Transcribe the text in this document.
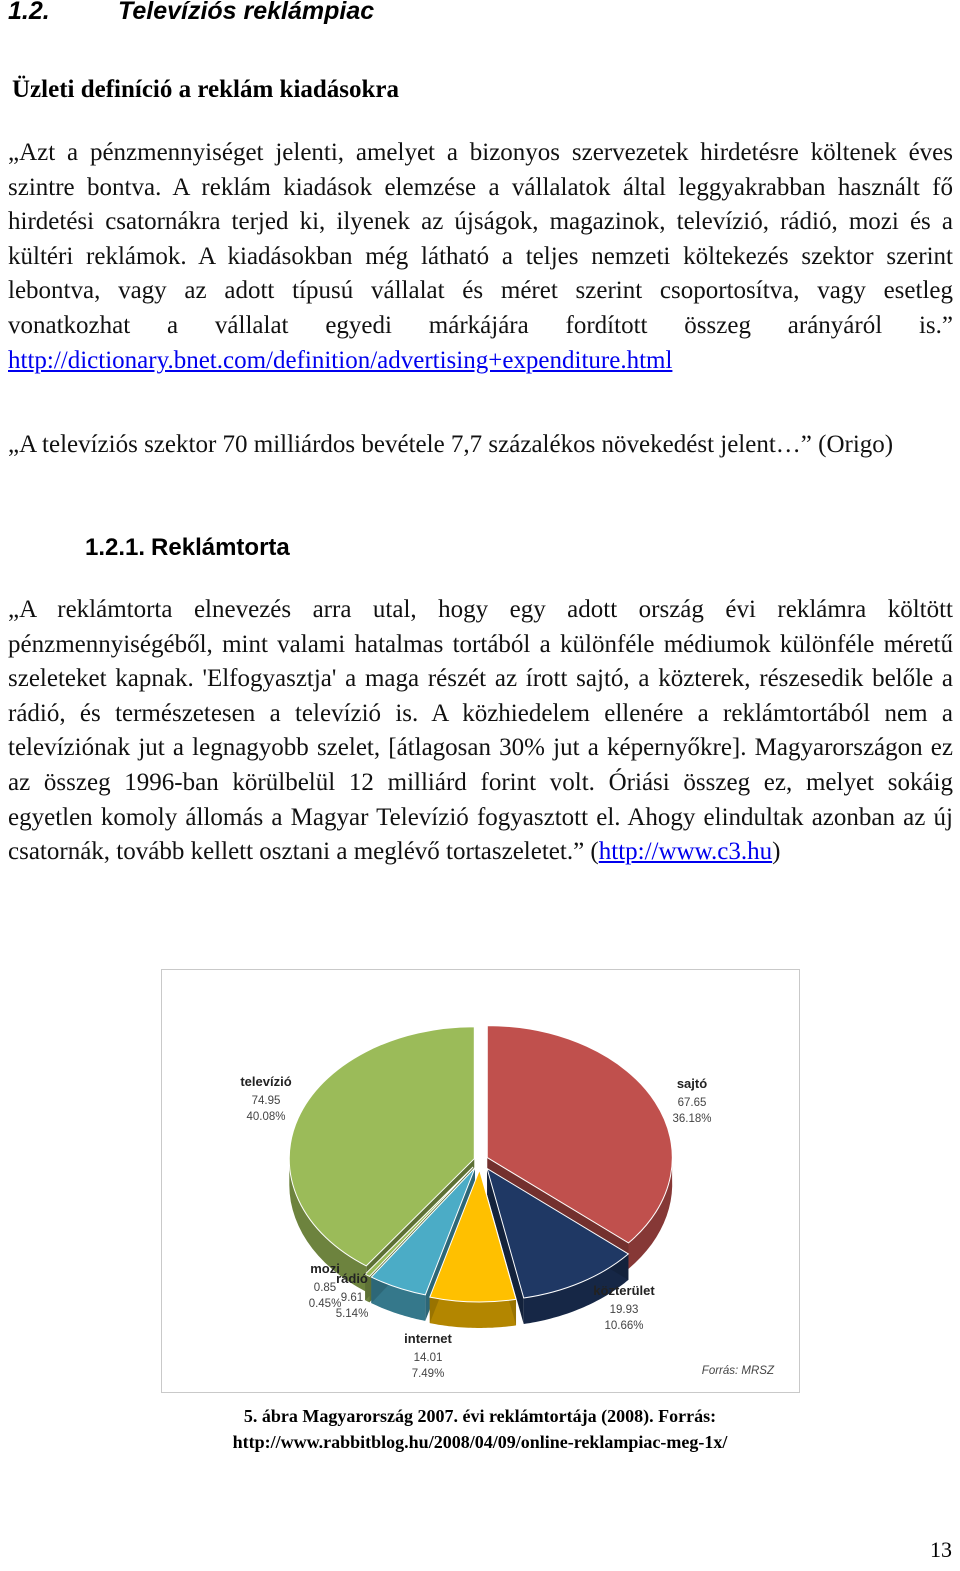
1.2.	Televíziós reklámpiac
Üzleti definíció a reklám kiadásokra
„Azt a pénzmennyiséget jelenti, amelyet a bizonyos szervezetek hirdetésre költenek éves szintre bontva. A reklám kiadások elemzése a vállalatok által leggyakrabban használt fő hirdetési csatornákra terjed ki, ilyenek az újságok, magazinok, televízió, rádió, mozi és a kültéri reklámok. A kiadásokban még látható a teljes nemzeti költekezés szektor szerint lebontva, vagy az adott típusú vállalat és méret szerint csoportosítva, vagy esetleg vonatkozhat a vállalat egyedi márkájára fordított összeg arányáról is.” http://dictionary.bnet.com/definition/advertising+expenditure.html
„A televíziós szektor 70 milliárdos bevétele 7,7 százalékos növekedést jelent…” (Origo)
1.2.1. Reklámtorta
„A reklámtorta elnevezés arra utal, hogy egy adott ország évi reklámra költött pénzmennyiségéből, mint valami hatalmas tortából a különféle médiumok különféle méretű szeleteket kapnak. 'Elfogyasztja' a maga részét az írott sajtó, a közterek, részesedik belőle a rádió, és természetesen a televízió is. A közhiedelem ellenére a reklámtortából nem a televíziónak jut a legnagyobb szelet, [átlagosan 30% jut a képernyőkre]. Magyarországon ez az összeg 1996-ban körülbelül 12 milliárd forint volt. Óriási összeg ez, melyet sokáig egyetlen komoly állomás a Magyar Televízió fogyasztott el. Ahogy elindultak azonban az új csatornák, tovább kellett osztani a meglévő tortaszeletet.” (http://www.c3.hu)
sajtó
67.65
36.18%
közterület
19.93
10.66%
internet
14.01
7.49%
rádió
9.61
5.14%
mozi
0.85
0.45%
televízió
74.95
40.08%
Forrás: MRSZ
5. ábra Magyarország 2007. évi reklámtortája (2008). Forrás:
http://www.rabbitblog.hu/2008/04/09/online-reklampiac-meg-1x/
13
